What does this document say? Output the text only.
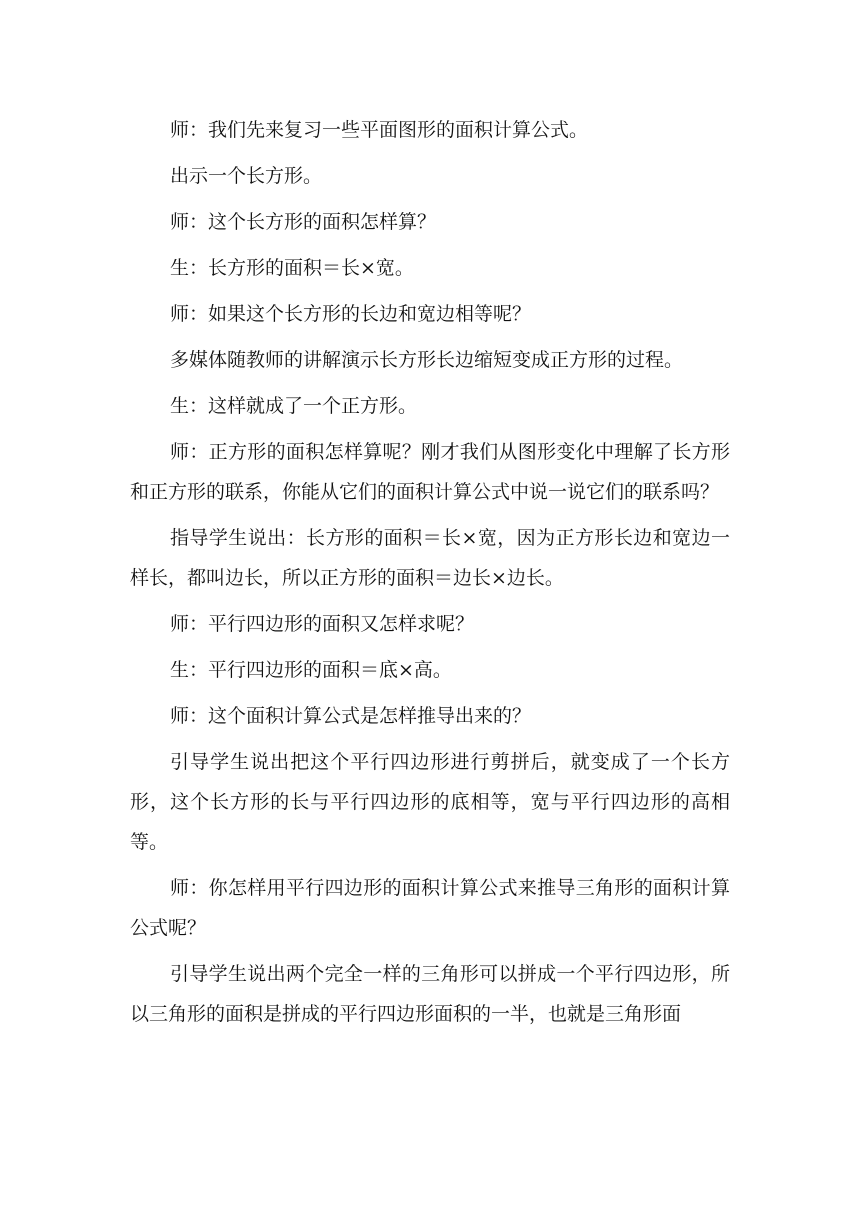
师：我们先来复习一些平面图形的面积计算公式。

出示一个长方形。

师：这个长方形的面积怎样算？

生：长方形的面积＝长×宽。

师：如果这个长方形的长边和宽边相等呢？

多媒体随教师的讲解演示长方形长边缩短变成正方形的过程。

生：这样就成了一个正方形。

师：正方形的面积怎样算呢？刚才我们从图形变化中理解了长方形和正方形的联系，你能从它们的面积计算公式中说一说它们的联系吗？

指导学生说出：长方形的面积＝长×宽，因为正方形长边和宽边一样长，都叫边长，所以正方形的面积＝边长×边长。

师：平行四边形的面积又怎样求呢？

生：平行四边形的面积＝底×高。

师：这个面积计算公式是怎样推导出来的？

引导学生说出把这个平行四边形进行剪拼后，就变成了一个长方形，这个长方形的长与平行四边形的底相等，宽与平行四边形的高相等。

师：你怎样用平行四边形的面积计算公式来推导三角形的面积计算公式呢？

引导学生说出两个完全一样的三角形可以拼成一个平行四边形，所以三角形的面积是拼成的平行四边形面积的一半，也就是三角形面
